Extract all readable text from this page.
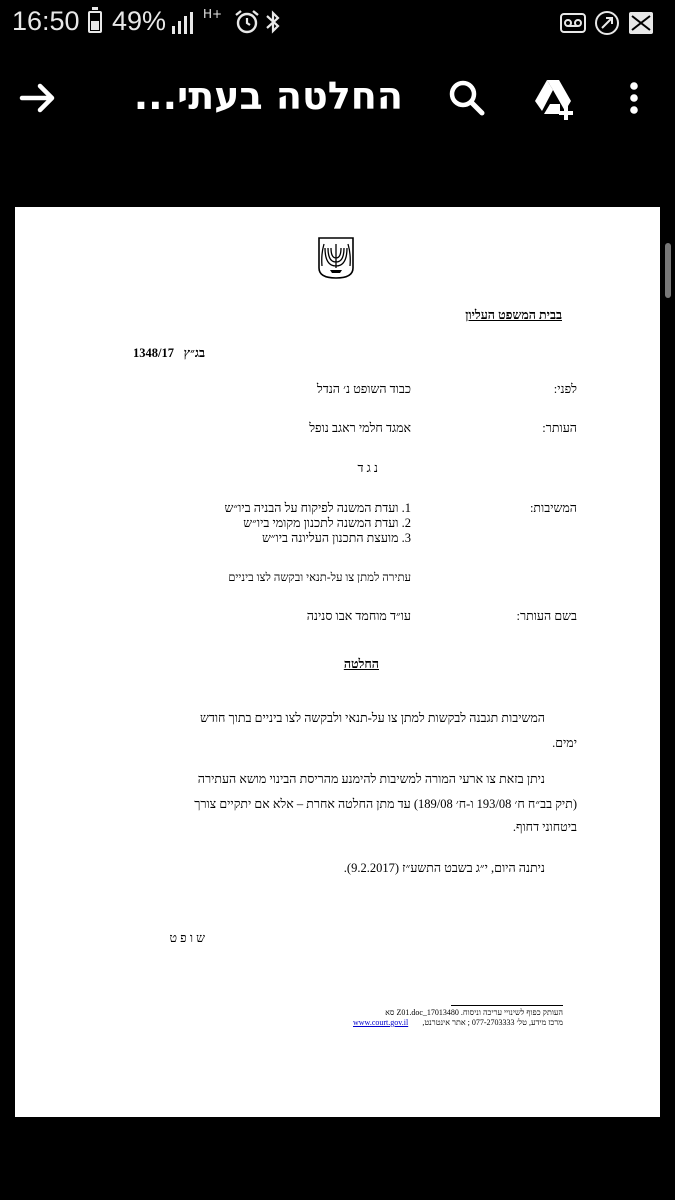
16:50 49%	H+
החלטה בעתי...
בבית המשפט העליון
בג״ץ
1348/17
לפני:
כבוד השופט נ׳ הנדל
העותר:
אמגד חלמי ראגב נופל
נ ג ד
המשיבות:
1. ועדת המשנה לפיקוח על הבניה ביו״ש
2. ועדת המשנה לתכנון מקומי ביו״ש
3. מועצת התכנון העליונה ביו״ש
עתירה למתן צו על-תנאי ובקשה לצו ביניים
בשם העותר:
עו״ד מוחמד אבו סנינה
החלטה
המשיבות תגבנה לבקשות למתן צו על-תנאי ולבקשה לצו ביניים בתוך חודש
ימים.
ניתן בזאת צו ארעי המורה למשיבות להימנע מהריסת הבינוי מושא העתירה
(תיק בב״ח ח׳ 193/08 ו-ח׳ 189/08) עד מתן החלטה אחרת – אלא אם יתקיים צורך
ביטחוני דחוף.
ניתנה היום, י״ג בשבט התשע״ז (9.2.2017).
ש ו פ ט
העותק כפוף לשינויי עריכה וניסוח. 17013480_Z01.doc סא
מרכז מידע, טל׳ 077-2703333 ; אתר אינטרנט,
www.court.gov.il
